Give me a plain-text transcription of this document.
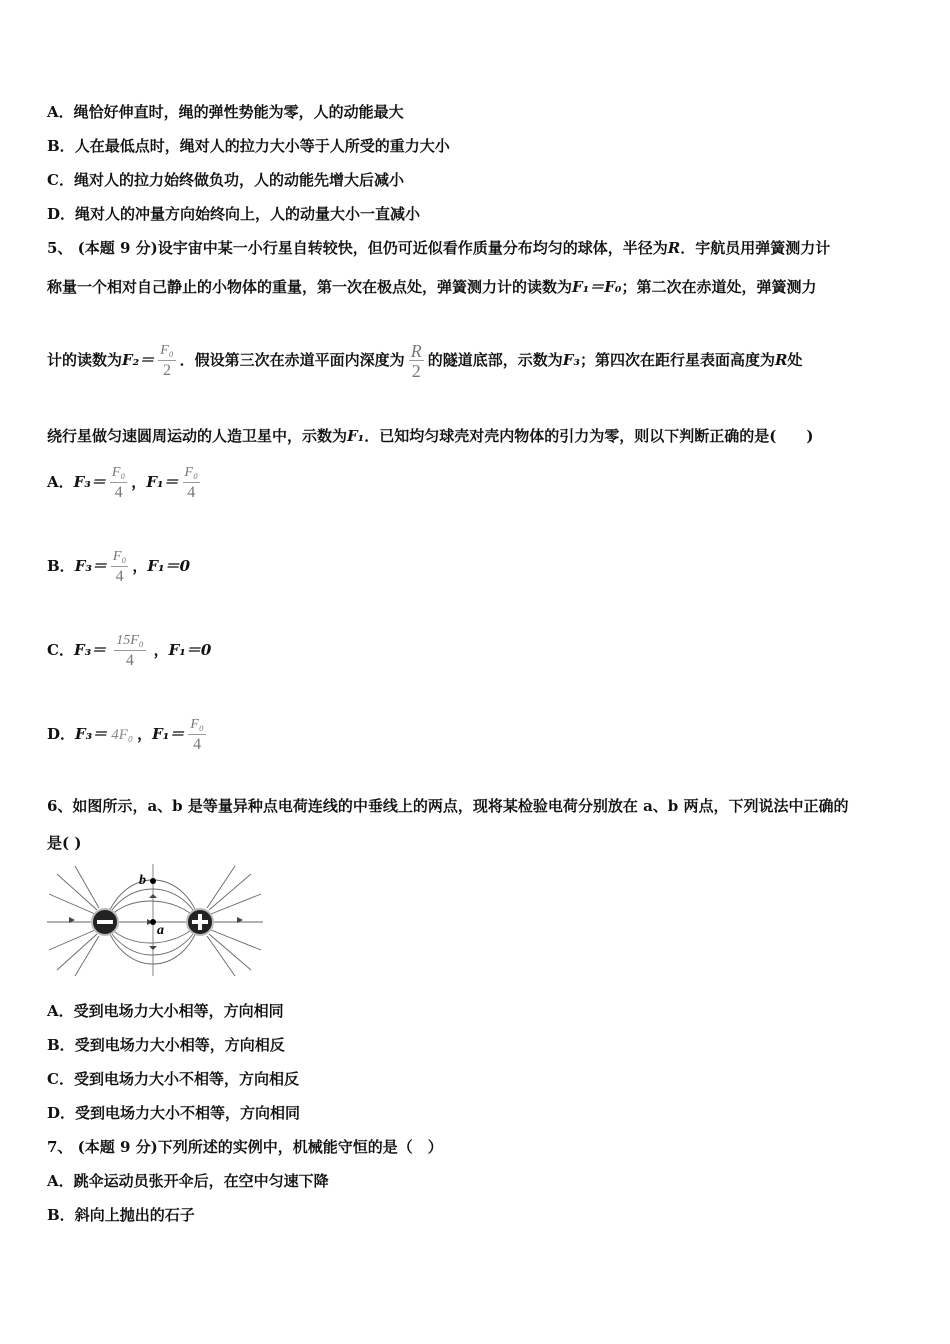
A．绳恰好伸直时，绳的弹性势能为零，人的动能最大
B．人在最低点时，绳对人的拉力大小等于人所受的重力大小
C．绳对人的拉力始终做负功，人的动能先增大后减小
D．绳对人的冲量方向始终向上，人的动量大小一直减小
5、 (本题 9 分)设宇宙中某一小行星自转较快，但仍可近似看作质量分布均匀的球体，半径为R．宇航员用弹簧测力计
称量一个相对自己静止的小物体的重量，第一次在极点处，弹簧测力计的读数为F₁＝F₀；第二次在赤道处，弹簧测力
计的读数为$F_2= \frac{\text{F₀}}{2}$ ．假设第三次在赤道平面内深度为 $\frac{R}{2}$ 的隧道底部，示数为F₃；第四次在距行星表面高度为R处
绕行星做匀速圆周运动的人造卫星中，示数为F₁．已知均匀球壳对壳内物体的引力为零，则以下判断正确的是(　　)
A．$F_3= \frac{\text{F₀}}{4}$ ，$F_1= \frac{\text{F₀}}{4}$
B．$F_3= \frac{\text{F₀}}{4}$ ，F₁＝0
C．$F_3= \frac{\text{15F₀}}{4}$ ，F₁＝0
D．F₃＝ 4F₀ ，$F_1= \frac{\text{F₀}}{4}$
6、如图所示，a、b 是等量异种点电荷连线的中垂线上的两点，现将某检验电荷分别放在 a、b 两点，下列说法中正确的
是( )
b
a
A．受到电场力大小相等，方向相同
B．受到电场力大小相等，方向相反
C．受到电场力大小不相等，方向相反
D．受到电场力大小不相等，方向相同
7、 (本题 9 分)下列所述的实例中，机械能守恒的是（　）
A．跳伞运动员张开伞后，在空中匀速下降
B．斜向上抛出的石子
